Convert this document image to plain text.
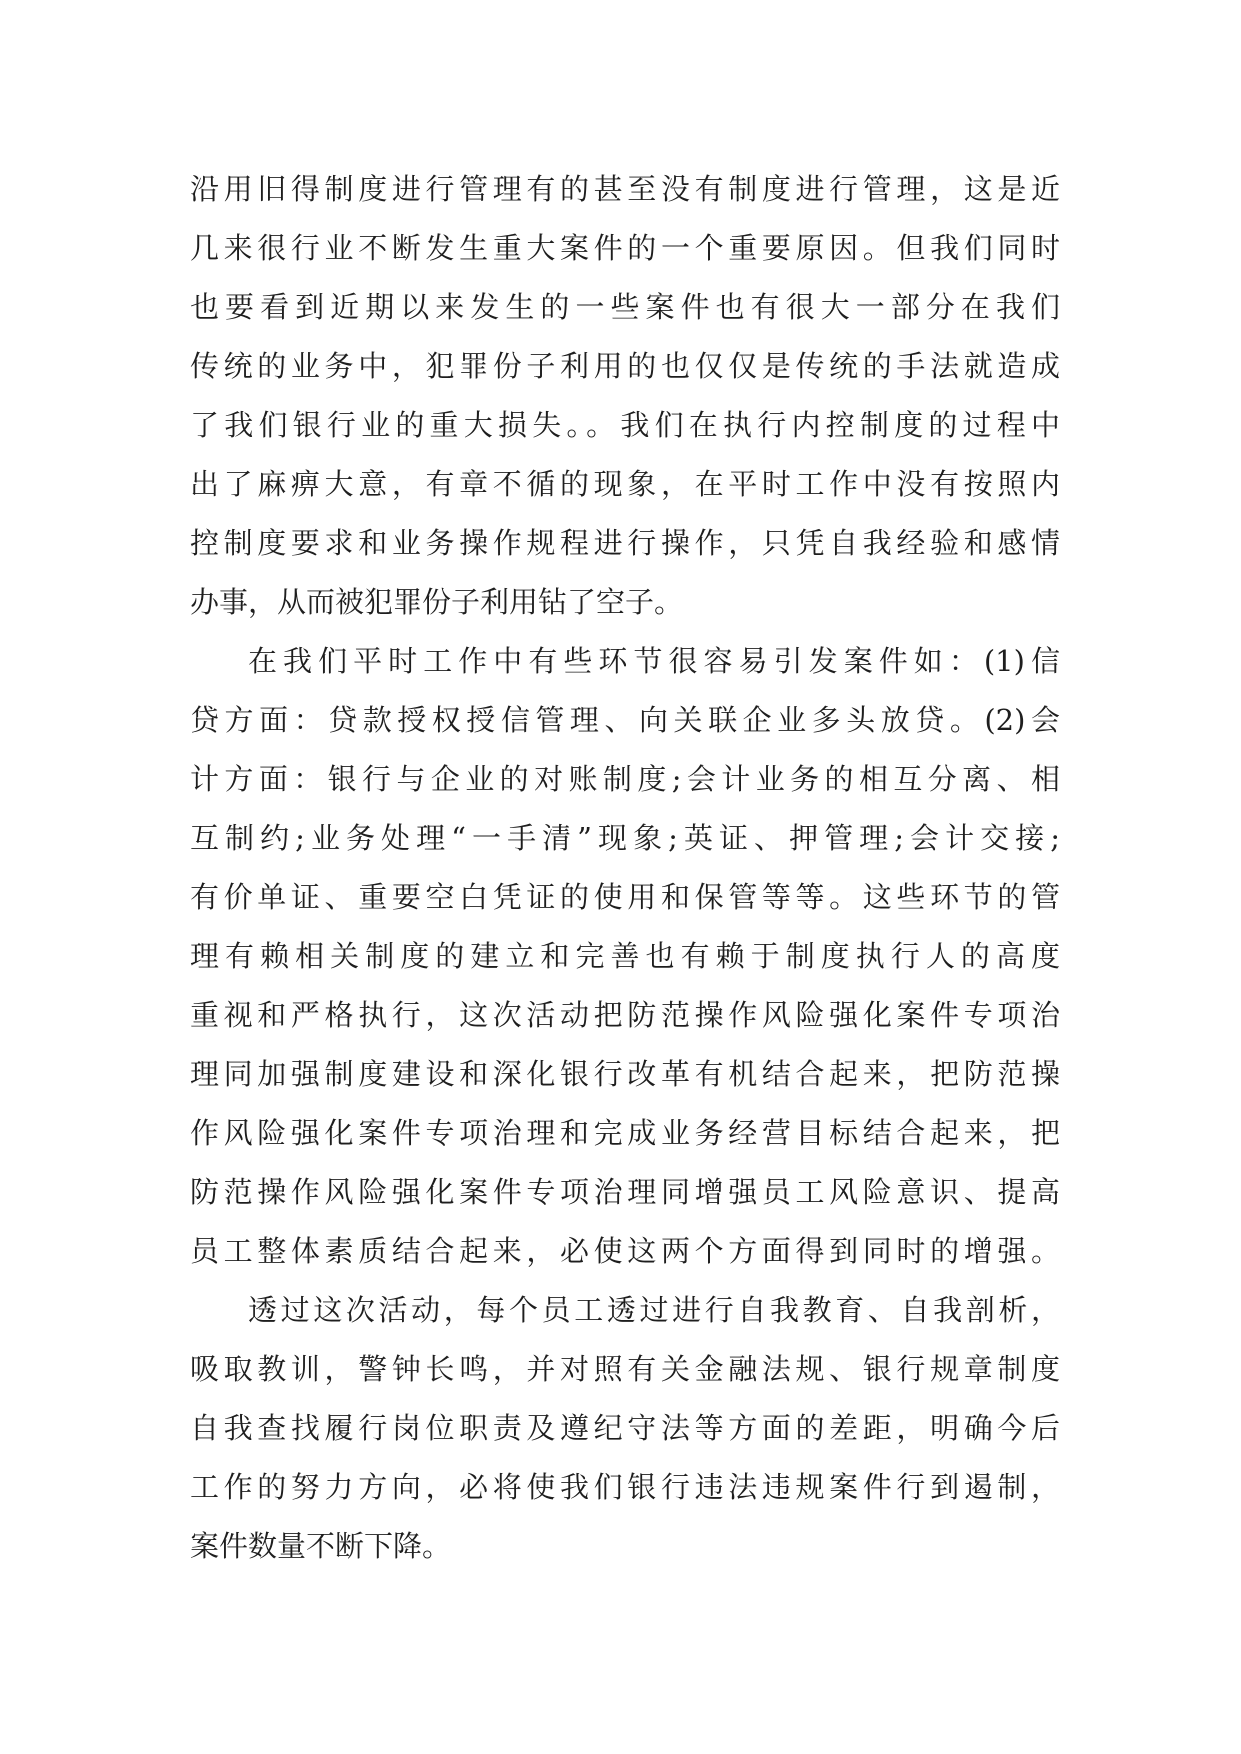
沿用旧得制度进行管理有的甚至没有制度进行管理，这是近
几来很行业不断发生重大案件的一个重要原因。但我们同时
也要看到近期以来发生的一些案件也有很大一部分在我们
传统的业务中，犯罪份子利用的也仅仅是传统的手法就造成
了我们银行业的重大损失。。我们在执行内控制度的过程中
出了麻痹大意，有章不循的现象，在平时工作中没有按照内
控制度要求和业务操作规程进行操作，只凭自我经验和感情
办事，从而被犯罪份子利用钻了空子。
在我们平时工作中有些环节很容易引发案件如：(1)信
贷方面：贷款授权授信管理、向关联企业多头放贷。(2)会
计方面：银行与企业的对账制度;会计业务的相互分离、相
互制约;业务处理“一手清”现象;英证、押管理;会计交接;
有价单证、重要空白凭证的使用和保管等等。这些环节的管
理有赖相关制度的建立和完善也有赖于制度执行人的高度
重视和严格执行，这次活动把防范操作风险强化案件专项治
理同加强制度建设和深化银行改革有机结合起来，把防范操
作风险强化案件专项治理和完成业务经营目标结合起来，把
防范操作风险强化案件专项治理同增强员工风险意识、提高
员工整体素质结合起来，必使这两个方面得到同时的增强。
透过这次活动，每个员工透过进行自我教育、自我剖析，
吸取教训，警钟长鸣，并对照有关金融法规、银行规章制度
自我查找履行岗位职责及遵纪守法等方面的差距，明确今后
工作的努力方向，必将使我们银行违法违规案件行到遏制，
案件数量不断下降。
